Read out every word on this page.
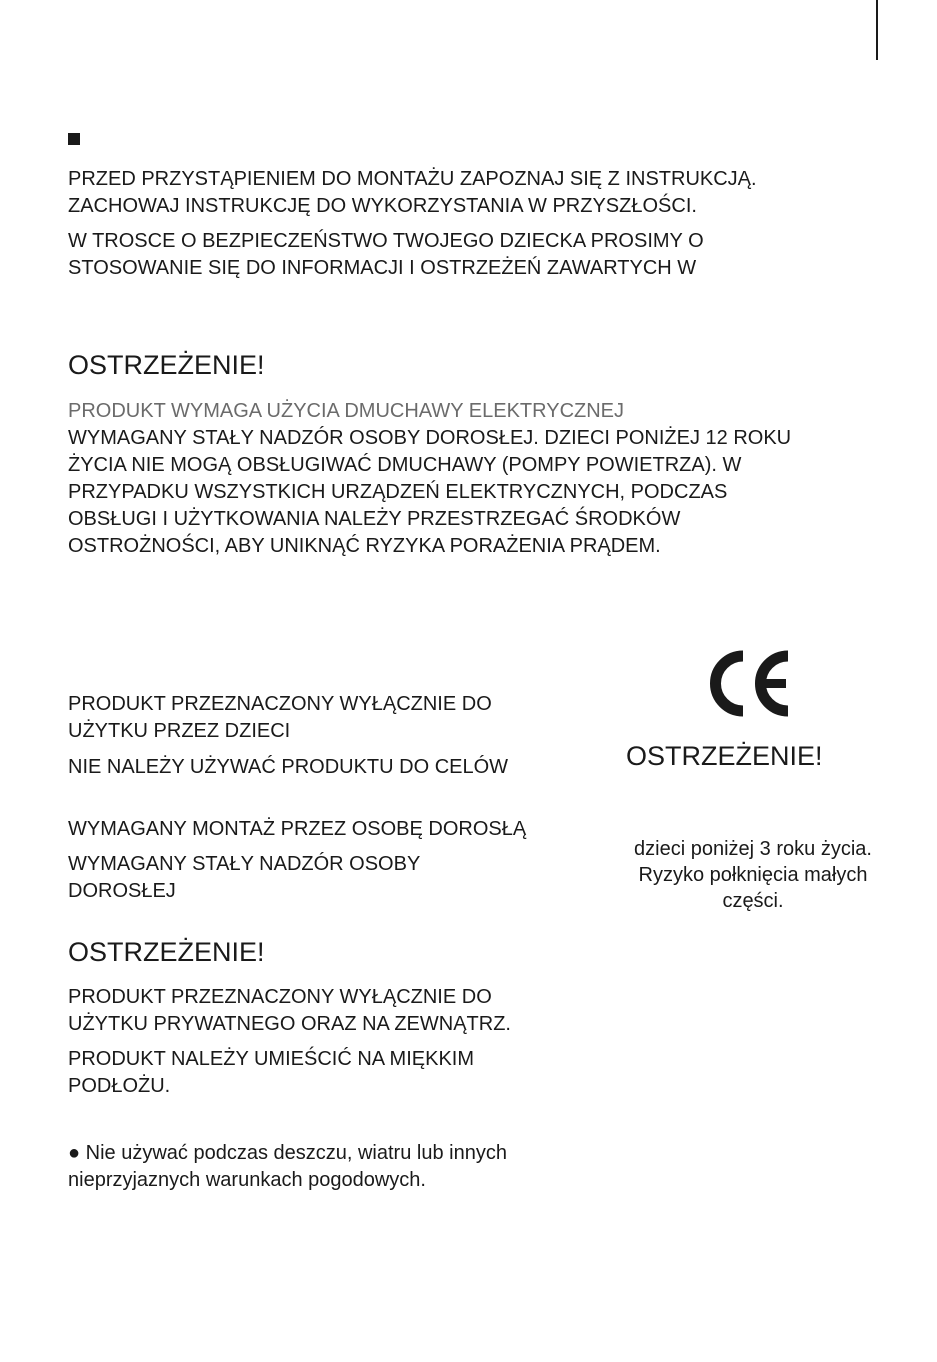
PRZED PRZYSTĄPIENIEM DO MONTAŻU ZAPOZNAJ SIĘ Z INSTRUKCJĄ.

ZACHOWAJ INSTRUKCJĘ DO WYKORZYSTANIA W PRZYSZŁOŚCI.

W TROSCE O BEZPIECZEŃSTWO TWOJEGO DZIECKA PROSIMY O

STOSOWANIE SIĘ DO INFORMACJI I OSTRZEŻEŃ ZAWARTYCH W

OSTRZEŻENIE!

PRODUKT WYMAGA UŻYCIA DMUCHAWY ELEKTRYCZNEJ

WYMAGANY STAŁY NADZÓR OSOBY DOROSŁEJ. DZIECI PONIŻEJ 12 ROKU

ŻYCIA NIE MOGĄ OBSŁUGIWAĆ DMUCHAWY (POMPY POWIETRZA). W

PRZYPADKU WSZYSTKICH URZĄDZEŃ ELEKTRYCZNYCH, PODCZAS

OBSŁUGI I UŻYTKOWANIA NALEŻY PRZESTRZEGAĆ ŚRODKÓW

OSTROŻNOŚCI, ABY UNIKNĄĆ RYZYKA PORAŻENIA PRĄDEM.

PRODUKT PRZEZNACZONY WYŁĄCZNIE DO

UŻYTKU PRZEZ DZIECI

NIE NALEŻY UŻYWAĆ PRODUKTU DO CELÓW

WYMAGANY MONTAŻ PRZEZ OSOBĘ DOROSŁĄ

WYMAGANY STAŁY NADZÓR OSOBY

DOROSŁEJ

OSTRZEŻENIE!

dzieci poniżej 3 roku życia.
Ryzyko połknięcia małych
części.

OSTRZEŻENIE!

PRODUKT PRZEZNACZONY WYŁĄCZNIE DO

UŻYTKU PRYWATNEGO ORAZ NA ZEWNĄTRZ.

PRODUKT NALEŻY UMIEŚCIĆ NA MIĘKKIM

PODŁOŻU.

● Nie używać podczas deszczu, wiatru lub innych

nieprzyjaznych warunkach pogodowych.
